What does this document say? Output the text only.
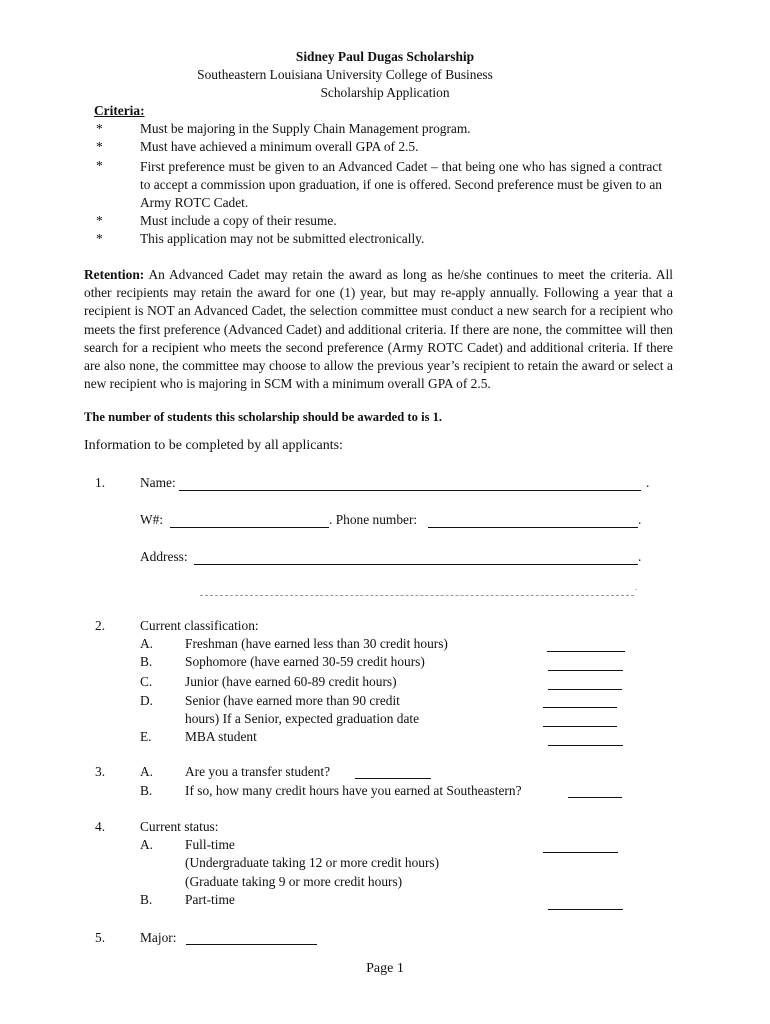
Sidney Paul Dugas Scholarship
Southeastern Louisiana University College of Business
Scholarship Application
Criteria:
*	Must be majoring in the Supply Chain Management program.
*	Must have achieved a minimum overall GPA of 2.5.
*	First preference must be given to an Advanced Cadet – that being one who has signed a contract to accept a commission upon graduation, if one is offered. Second preference must be given to an Army ROTC Cadet.
*	Must include a copy of their resume.
*	This application may not be submitted electronically.
Retention: An Advanced Cadet may retain the award as long as he/she continues to meet the criteria. All other recipients may retain the award for one (1) year, but may re-apply annually. Following a year that a recipient is NOT an Advanced Cadet, the selection committee must conduct a new search for a recipient who meets the first preference (Advanced Cadet) and additional criteria. If there are none, the committee will then search for a recipient who meets the second preference (Army ROTC Cadet) and additional criteria. If there are also none, the committee may choose to allow the previous year’s recipient to retain the award or select a new recipient who is majoring in SCM with a minimum overall GPA of 2.5.
The number of students this scholarship should be awarded to is 1.
Information to be completed by all applicants:
1.	Name:	.
W#:	. Phone number:	.
Address:	.
.
2.	Current classification:
A. Freshman (have earned less than 30 credit hours)
B. Sophomore (have earned 30-59 credit hours)
C. Junior (have earned 60-89 credit hours)
D. Senior (have earned more than 90 credit
hours) If a Senior, expected graduation date
E. MBA student
3.	A. Are you a transfer student?
B. If so, how many credit hours have you earned at Southeastern?
4.	Current status:
A. Full-time
(Undergraduate taking 12 or more credit hours)
(Graduate taking 9 or more credit hours)
B. Part-time
5.	Major:
Page 1
